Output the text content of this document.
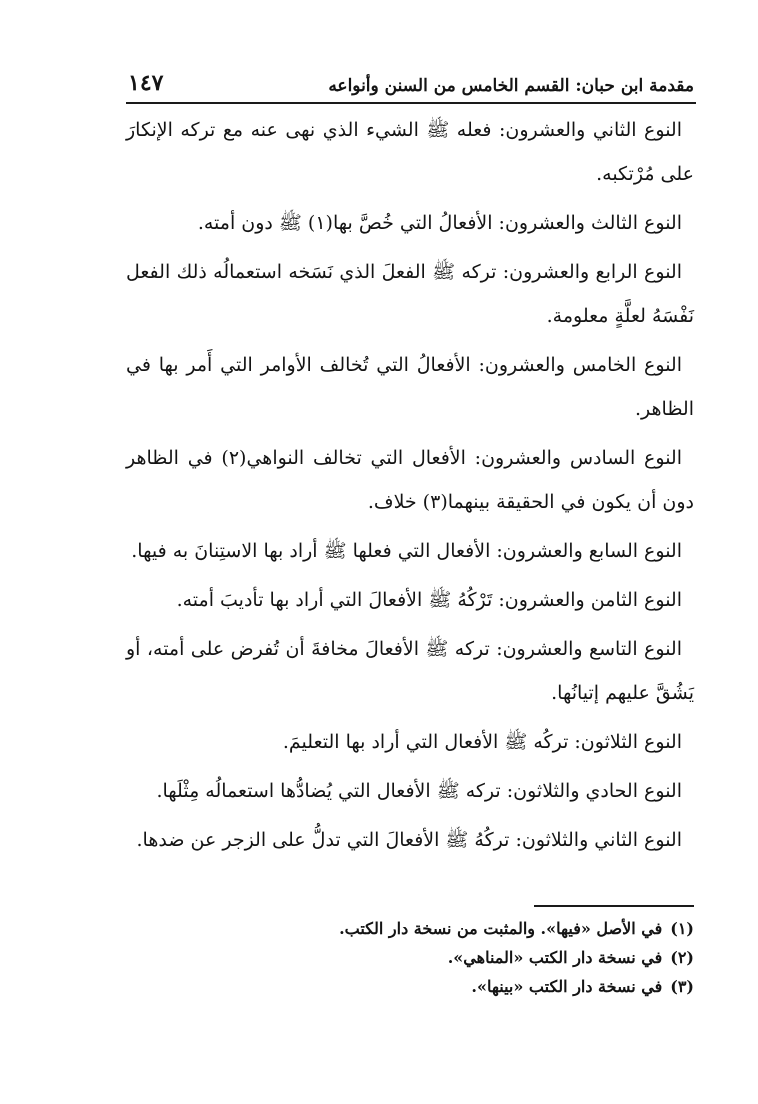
مقدمة ابن حبان: القسم الخامس من السنن وأنواعه
١٤٧

النوع الثاني والعشرون: فعله ﷺ الشيء الذي نهى عنه مع تركه الإنكارَ على مُرْتكبه.

النوع الثالث والعشرون: الأفعالُ التي خُصَّ بها(١) ﷺ دون أمته.

النوع الرابع والعشرون: تركه ﷺ الفعلَ الذي نَسَخه استعمالُه ذلك الفعل نَفْسَهُ لعلَّةٍ معلومة.

النوع الخامس والعشرون: الأفعالُ التي تُخالف الأوامر التي أَمر بها في الظاهر.

النوع السادس والعشرون: الأفعال التي تخالف النواهي(٢) في الظاهر دون أن يكون في الحقيقة بينهما(٣) خلاف.

النوع السابع والعشرون: الأفعال التي فعلها ﷺ أراد بها الاستِنانَ به فيها.

النوع الثامن والعشرون: تَرْكُهُ ﷺ الأفعالَ التي أراد بها تأديبَ أمته.

النوع التاسع والعشرون: تركه ﷺ الأفعالَ مخافةَ أن تُفرض على أمته، أو يَشُقَّ عليهم إتيانُها.

النوع الثلاثون: تركُه ﷺ الأفعال التي أراد بها التعليمَ.

النوع الحادي والثلاثون: تركه ﷺ الأفعال التي يُضادُّها استعمالُه مِثْلَها.

النوع الثاني والثلاثون: تركُهُ ﷺ الأفعالَ التي تدلُّ على الزجر عن ضدها.

(١)في الأصل «فيها». والمثبت من نسخة دار الكتب.

(٢)في نسخة دار الكتب «المناهي».

(٣)في نسخة دار الكتب «بينها».
